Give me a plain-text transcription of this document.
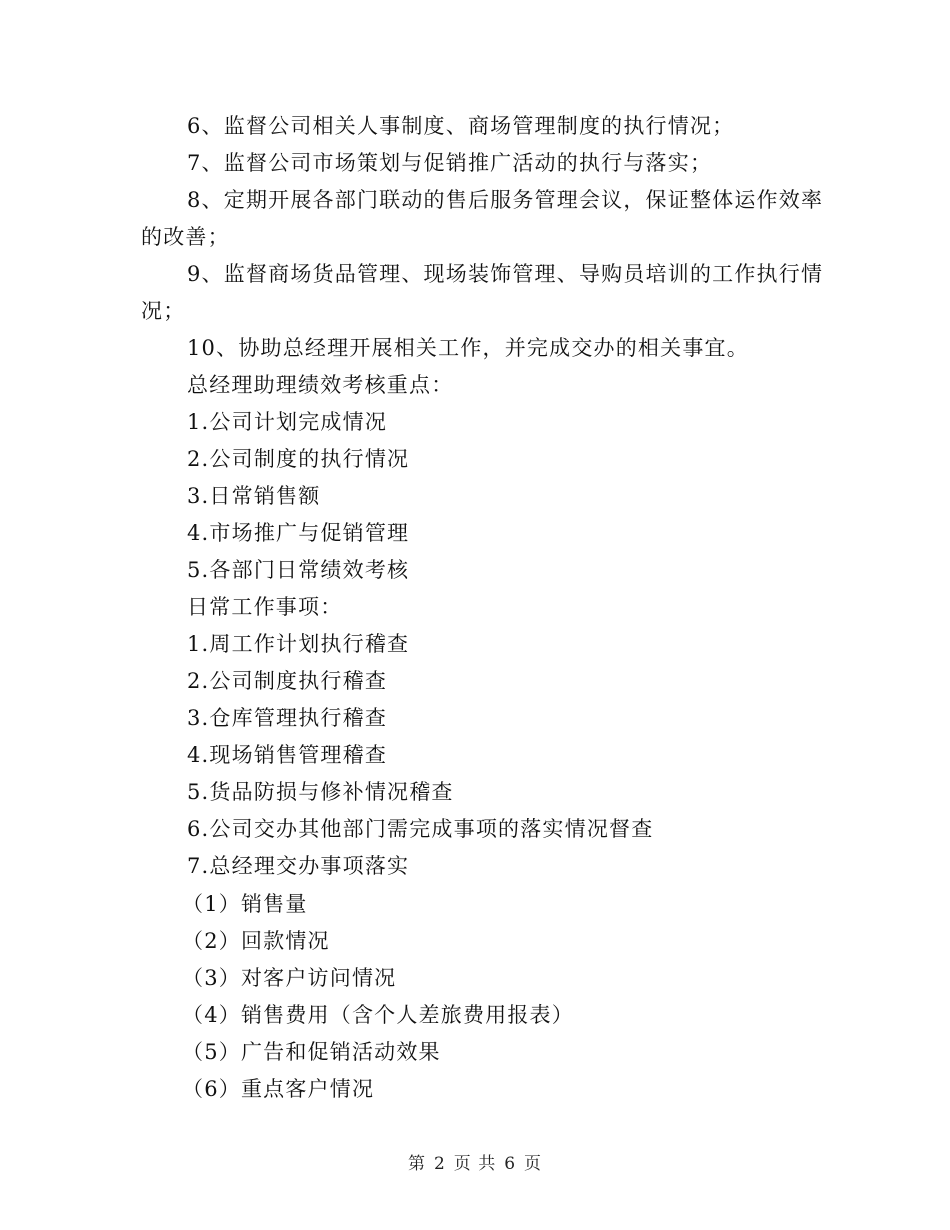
6、监督公司相关人事制度、商场管理制度的执行情况；
7、监督公司市场策划与促销推广活动的执行与落实；
8、定期开展各部门联动的售后服务管理会议，保证整体运作效率
的改善；
9、监督商场货品管理、现场装饰管理、导购员培训的工作执行情
况；
10、协助总经理开展相关工作，并完成交办的相关事宜。
总经理助理绩效考核重点：
1.公司计划完成情况
2.公司制度的执行情况
3.日常销售额
4.市场推广与促销管理
5.各部门日常绩效考核
日常工作事项：
1.周工作计划执行稽查
2.公司制度执行稽查
3.仓库管理执行稽查
4.现场销售管理稽查
5.货品防损与修补情况稽查
6.公司交办其他部门需完成事项的落实情况督查
7.总经理交办事项落实
（1）销售量
（2）回款情况
（3）对客户访问情况
（4）销售费用（含个人差旅费用报表）
（5）广告和促销活动效果
（6）重点客户情况
第 2 页 共 6 页
